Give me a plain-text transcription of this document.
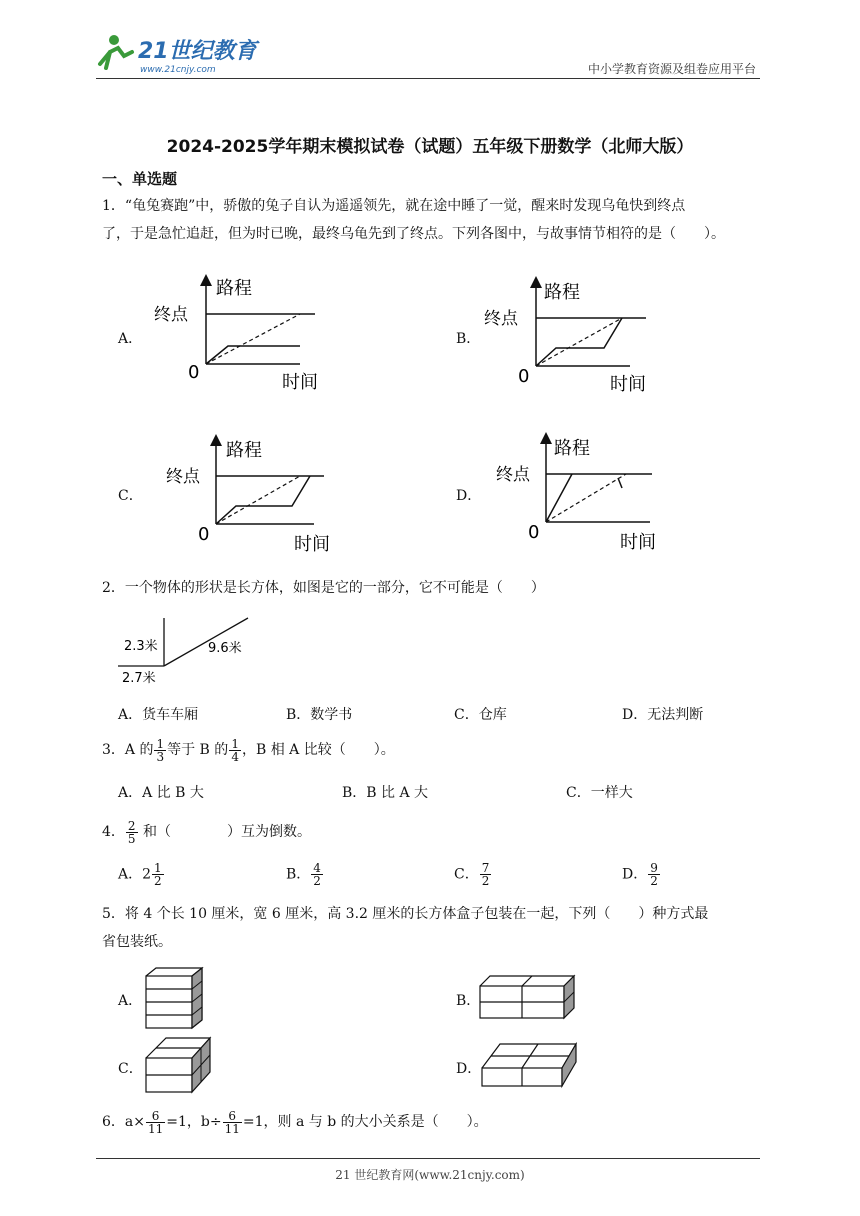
21世纪教育
www.21cnjy.com	中小学教育资源及组卷应用平台
2024-2025学年期末模拟试卷（试题）五年级下册数学（北师大版）
一、单选题
1．“龟兔赛跑”中，骄傲的兔子自认为遥遥领先，就在途中睡了一觉，醒来时发现乌龟快到终点
了，于是急忙追赶，但为时已晚，最终乌龟先到了终点。下列各图中，与故事情节相符的是（　　）。
A．	B．
C．	D．
路程
终点
0	时间
路程
终点
0	时间
路程
终点
0	时间
路程
终点
0	时间
2．一个物体的形状是长方体，如图是它的一部分，它不可能是（　　）
2.3米	9.6米
2.7米
A．货车车厢	B．数学书	C．仓库	D．无法判断
3．A 的 $\frac{1}{3}$ 等于 B 的 $\frac{1}{4}$ ，B 相 A 比较（　　）。
A．A 比 B 大	B．B 比 A 大	C．一样大
4． $\frac{2}{5}$ 和（　　　　）互为倒数。
A．$2 \frac{1}{2}$	B． $\frac{4}{2}$	C． $\frac{7}{2}$	D． $\frac{9}{2}$
5．将 4 个长 10 厘米，宽 6 厘米，高 3.2 厘米的长方体盒子包装在一起，下列（　　）种方式最
省包装纸。
A．	B．
C．	D．
6．$a\times \frac{6}{11} =1$，$b\div \frac{6}{11} =1$，则 a 与 b 的大小关系是（　　）。
21 世纪教育网(www.21cnjy.com)
